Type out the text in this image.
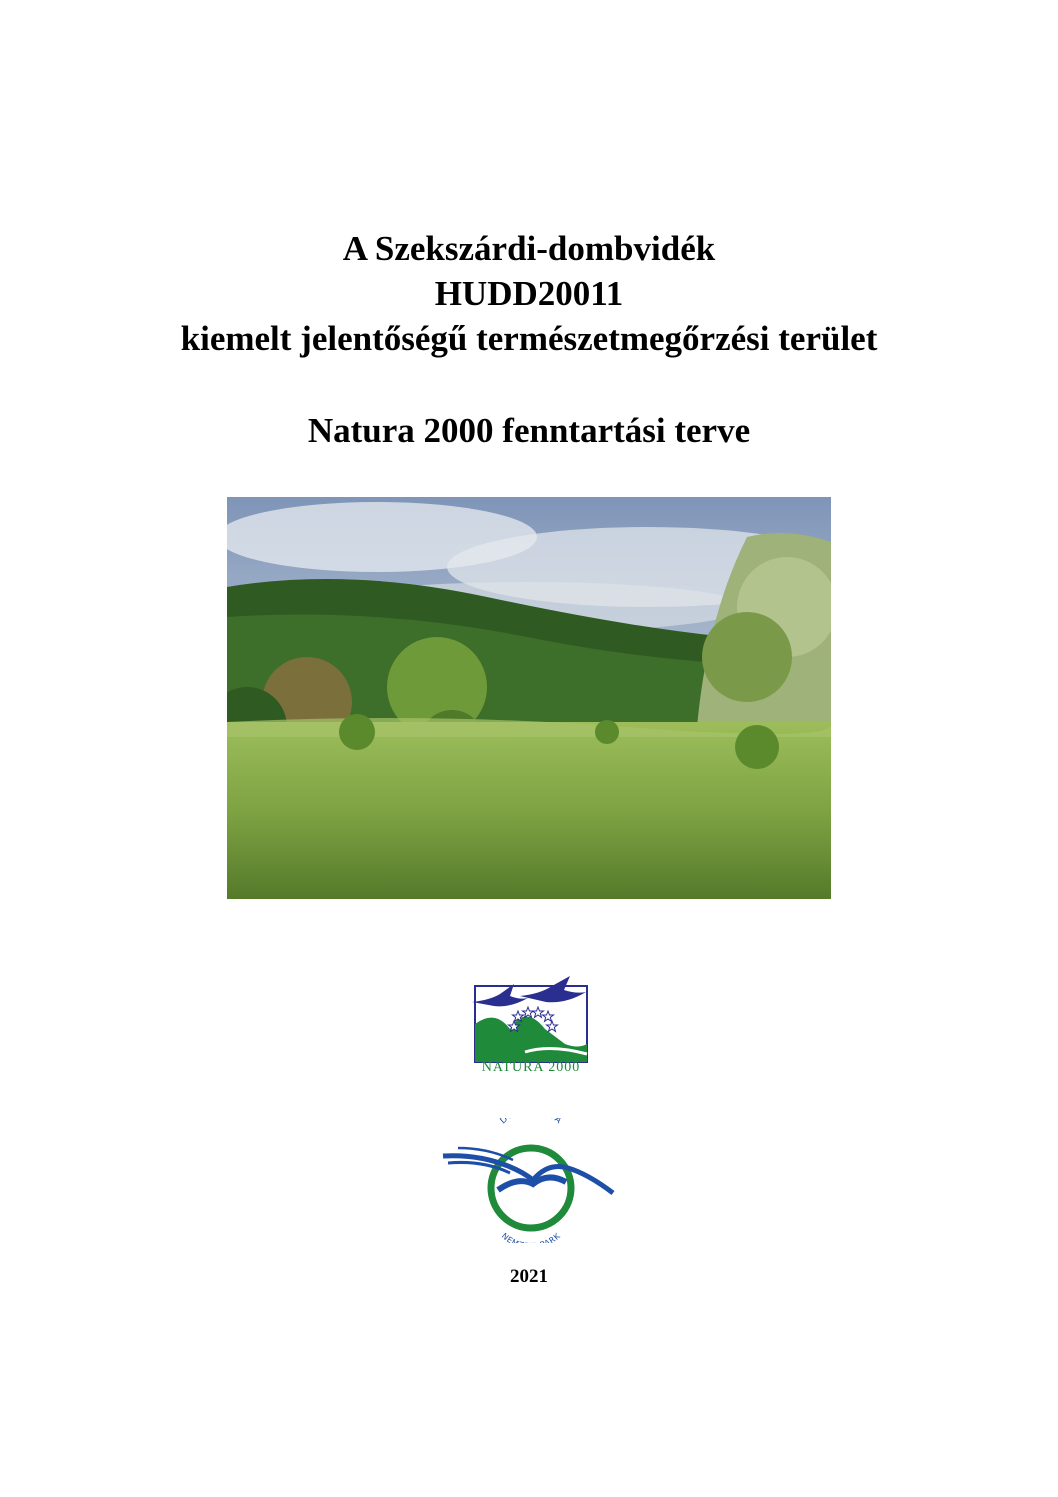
A Szekszárdi-dombvidék

HUDD20011

kiemelt jelentőségű természetmegőrzési terület

Natura 2000 fenntartási terve

NATURA 2000
D A
NE ARK
2021
